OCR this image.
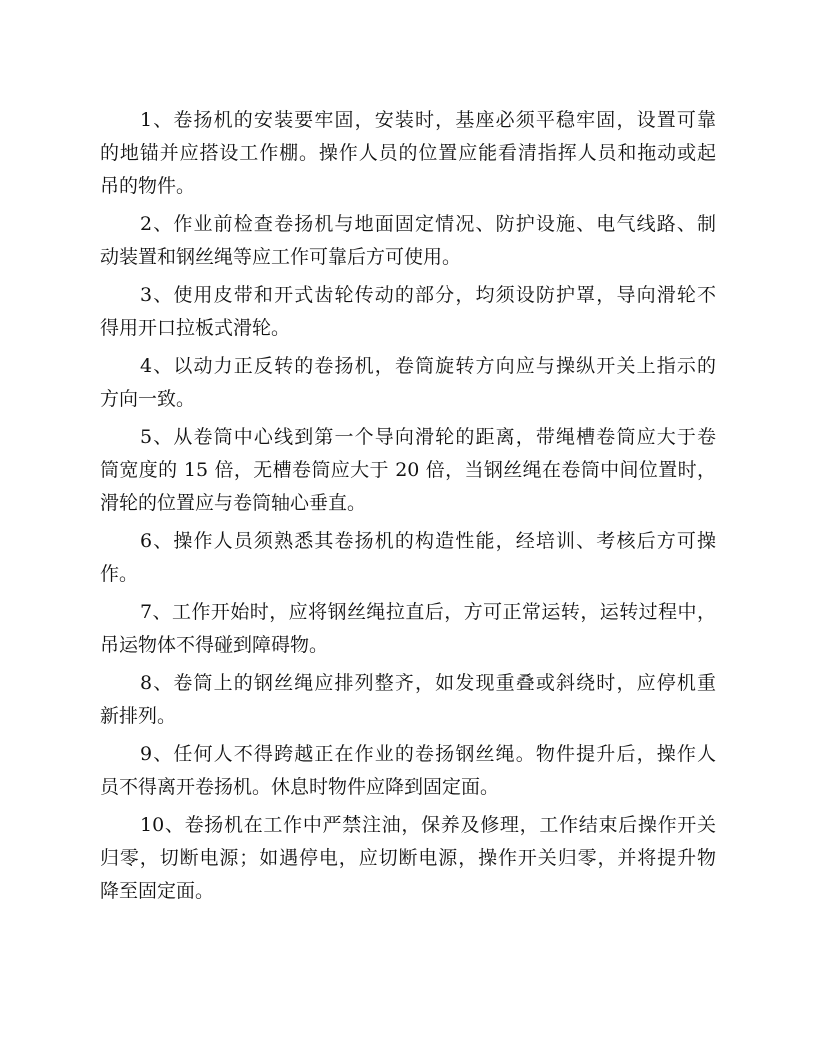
1、卷扬机的安装要牢固，安装时，基座必须平稳牢固，设置可靠
的地锚并应搭设工作棚。操作人员的位置应能看清指挥人员和拖动或起
吊的物件。
2、作业前检查卷扬机与地面固定情况、防护设施、电气线路、制
动装置和钢丝绳等应工作可靠后方可使用。
3、使用皮带和开式齿轮传动的部分，均须设防护罩，导向滑轮不
得用开口拉板式滑轮。
4、以动力正反转的卷扬机，卷筒旋转方向应与操纵开关上指示的
方向一致。
5、从卷筒中心线到第一个导向滑轮的距离，带绳槽卷筒应大于卷
筒宽度的 15 倍，无槽卷筒应大于 20 倍，当钢丝绳在卷筒中间位置时，
滑轮的位置应与卷筒轴心垂直。
6、操作人员须熟悉其卷扬机的构造性能，经培训、考核后方可操
作。
7、工作开始时，应将钢丝绳拉直后，方可正常运转，运转过程中，
吊运物体不得碰到障碍物。
8、卷筒上的钢丝绳应排列整齐，如发现重叠或斜绕时，应停机重
新排列。
9、任何人不得跨越正在作业的卷扬钢丝绳。物件提升后，操作人
员不得离开卷扬机。休息时物件应降到固定面。
10、卷扬机在工作中严禁注油，保养及修理，工作结束后操作开关
归零，切断电源；如遇停电，应切断电源，操作开关归零，并将提升物
降至固定面。
